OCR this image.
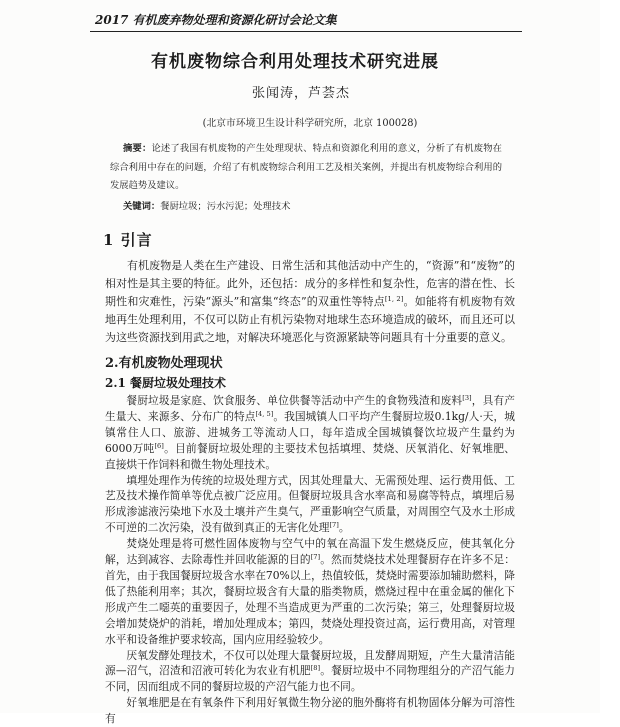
2017 有机废弃物处理和资源化研讨会论文集
有机废物综合利用处理技术研究进展
张闻涛，芦荟杰
(北京市环境卫生设计科学研究所，北京 100028)
摘要：论述了我国有机废物的产生处理现状、特点和资源化利用的意义，分析了有机废物在综合利用中存在的问题，介绍了有机废物综合利用工艺及相关案例，并提出有机废物综合利用的发展趋势及建议。
关键词：餐厨垃圾；污水污泥；处理技术
1 引言

有机废物是人类在生产建设、日常生活和其他活动中产生的，“资源”和“废物”的相对性是其主要的特征。此外，还包括：成分的多样性和复杂性，危害的潜在性、长期性和灾难性，污染“源头”和富集“终态”的双重性等特点[1, 2]。如能将有机废物有效地再生处理利用，不仅可以防止有机污染物对地球生态环境造成的破坏，而且还可以为这些资源找到用武之地，对解决环境恶化与资源紧缺等问题具有十分重要的意义。

2.有机废物处理现状
2.1 餐厨垃圾处理技术

餐厨垃圾是家庭、饮食服务、单位供餐等活动中产生的食物残渣和废料[3]，具有产生量大、来源多、分布广的特点[4, 5]。我国城镇人口平均产生餐厨垃圾0.1kg/人·天，城镇常住人口、旅游、进城务工等流动人口，每年造成全国城镇餐饮垃圾产生量约为6000万吨[6]。目前餐厨垃圾处理的主要技术包括填埋、焚烧、厌氧消化、好氧堆肥、直接烘干作饲料和微生物处理技术。

填埋处理作为传统的垃圾处理方式，因其处理量大、无需预处理、运行费用低、工艺及技术操作简单等优点被广泛应用。但餐厨垃圾具含水率高和易腐等特点，填埋后易形成渗滤液污染地下水及土壤并产生臭气，严重影响空气质量，对周围空气及水土形成不可逆的二次污染，没有做到真正的无害化处理[7]。

焚烧处理是将可燃性固体废物与空气中的氧在高温下发生燃烧反应，使其氧化分解，达到减容、去除毒性并回收能源的目的[7]。然而焚烧技术处理餐厨存在许多不足：首先，由于我国餐厨垃圾含水率在70%以上，热值较低，焚烧时需要添加辅助燃料，降低了热能利用率；其次，餐厨垃圾含有大量的脂类物质，燃烧过程中在重金属的催化下形成产生二噁英的重要因子，处理不当造成更为严重的二次污染；第三，处理餐厨垃圾会增加焚烧炉的消耗，增加处理成本；第四，焚烧处理投资过高，运行费用高，对管理水平和设备维护要求较高，国内应用经验较少。

厌氧发酵处理技术，不仅可以处理大量餐厨垃圾，且发酵周期短，产生大量清洁能源—沼气，沼渣和沼液可转化为农业有机肥[8]。餐厨垃圾中不同物理组分的产沼气能力不同，因而组成不同的餐厨垃圾的产沼气能力也不同。

好氧堆肥是在有氧条件下利用好氧微生物分泌的胞外酶将有机物固体分解为可溶性有
